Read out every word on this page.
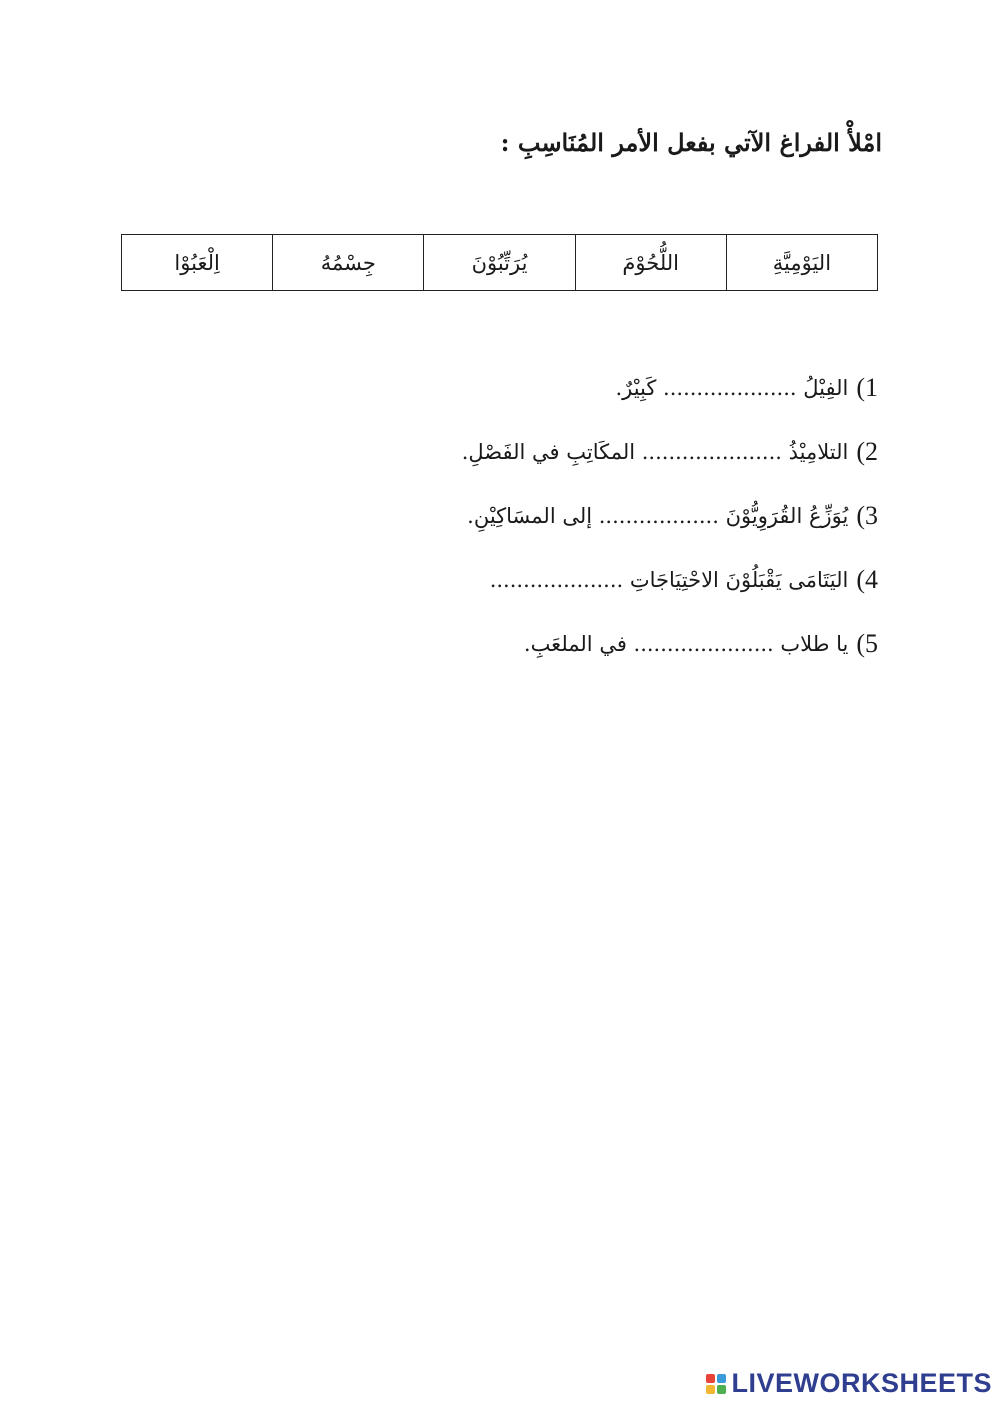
امْلأْ الفراغ الآتي بفعل الأمر المُنَاسِبِ :
اليَوْمِيَّةِ	اللُّحُوْمَ	يُرَتِّبُوْنَ	جِسْمُهُ	اِلْعَبُوْا
1)
الفِيْلُ .................... كَبِيْرٌ.
2)
التلامِيْذُ ..................... المكَاتِبِ في الفَصْلِ.
3)
يُوَزِّعُ القُرَوِيُّوْنَ .................. إلى المسَاكِيْنِ.
4)
اليَتَامَى يَقْبَلُوْنَ الاحْتِيَاجَاتِ ....................
5)
يا طلاب ..................... في الملعَبِ.
LIVEWORKSHEETS
